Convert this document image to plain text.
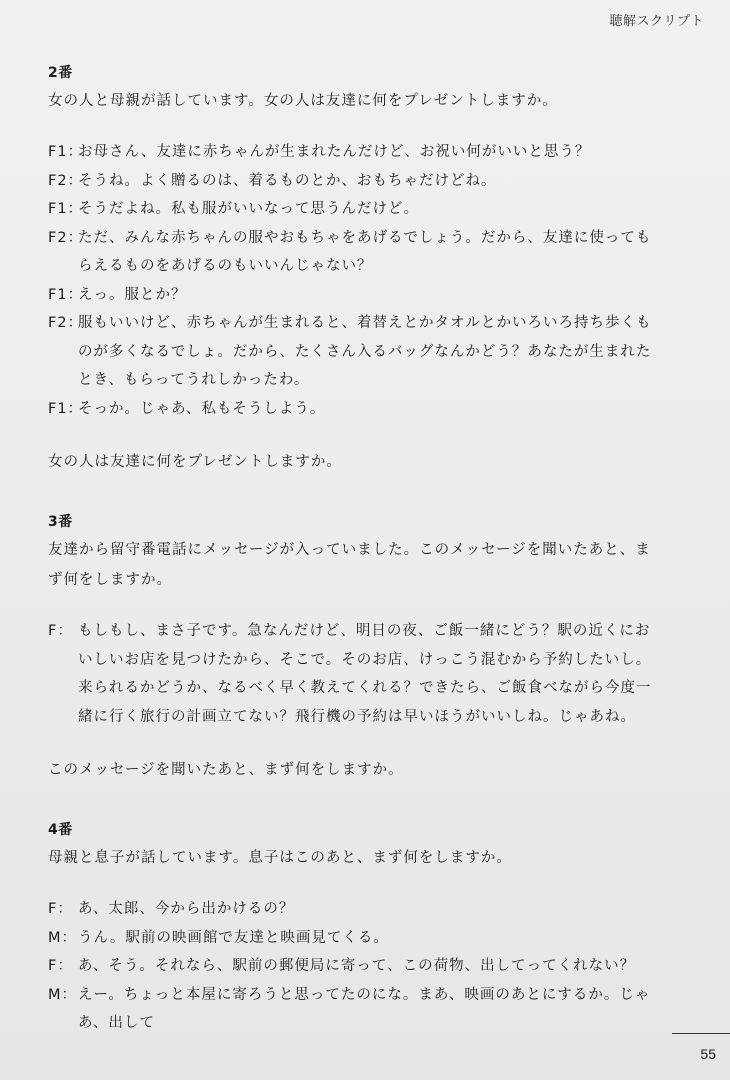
聴解スクリプト
2番

女の人と母親が話しています。女の人は友達に何をプレゼントしますか。

F1：
お母さん、友達に赤ちゃんが生まれたんだけど、お祝い何がいいと思う？
F2：
そうね。よく贈るのは、着るものとか、おもちゃだけどね。
F1：
そうだよね。私も服がいいなって思うんだけど。
F2：
ただ、みんな赤ちゃんの服やおもちゃをあげるでしょう。だから、友達に使ってもらえるものをあげるのもいいんじゃない？
F1：
えっ。服とか？
F2：
服もいいけど、赤ちゃんが生まれると、着替えとかタオルとかいろいろ持ち歩くものが多くなるでしょ。だから、たくさん入るバッグなんかどう？あなたが生まれたとき、もらってうれしかったわ。
F1：
そっか。じゃあ、私もそうしよう。

女の人は友達に何をプレゼントしますか。

3番

友達から留守番電話にメッセージが入っていました。このメッセージを聞いたあと、まず何をしますか。

F： もしもし、まさ子です。急なんだけど、明日の夜、ご飯一緒にどう？駅の近くにおいしいお店を見つけたから、そこで。そのお店、けっこう混むから予約したいし。来られるかどうか、なるべく早く教えてくれる？できたら、ご飯食べながら今度一緒に行く旅行の計画立てない？飛行機の予約は早いほうがいいしね。じゃあね。

このメッセージを聞いたあと、まず何をしますか。

4番

母親と息子が話しています。息子はこのあと、まず何をしますか。

F： あ、太郎、今から出かけるの？
M： うん。駅前の映画館で友達と映画見てくる。
F： あ、そう。それなら、駅前の郵便局に寄って、この荷物、出してってくれない？
M： えー。ちょっと本屋に寄ろうと思ってたのにな。まあ、映画のあとにするか。じゃあ、出して
55
